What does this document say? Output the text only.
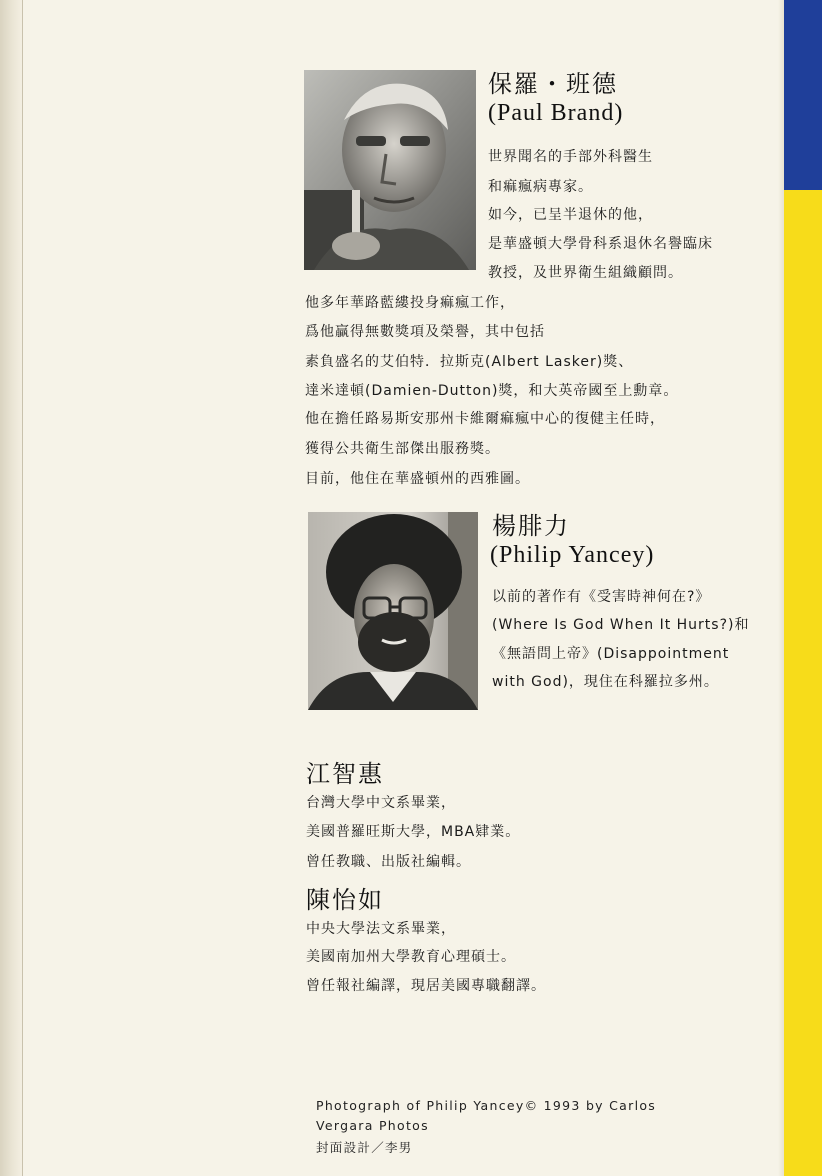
保羅・班德
(Paul Brand)
世界聞名的手部外科醫生
和痲瘋病專家。
如今，已呈半退休的他，
是華盛頓大學骨科系退休名譽臨床
教授，及世界衛生組織顧問。
他多年華路藍縷投身痲瘋工作，
爲他贏得無數獎項及榮譽，其中包括
素負盛名的艾伯特．拉斯克(Albert Lasker)獎、
達米達頓(Damien-Dutton)獎，和大英帝國至上勳章。
他在擔任路易斯安那州卡維爾痲瘋中心的復健主任時，
獲得公共衛生部傑出服務獎。
目前，他住在華盛頓州的西雅圖。
楊腓力
(Philip Yancey)
以前的著作有《受害時神何在?》
(Where Is God When It Hurts?)和
《無語問上帝》(Disappointment
with God)，現住在科羅拉多州。
江智惠
台灣大學中文系畢業，
美國普羅旺斯大學，MBA肄業。
曾任教職、出版社編輯。
陳怡如
中央大學法文系畢業，
美國南加州大學教育心理碩士。
曾任報社編譯，現居美國專職翻譯。
Photograph of Philip Yancey© 1993 by Carlos
Vergara Photos
封面設計／李男
